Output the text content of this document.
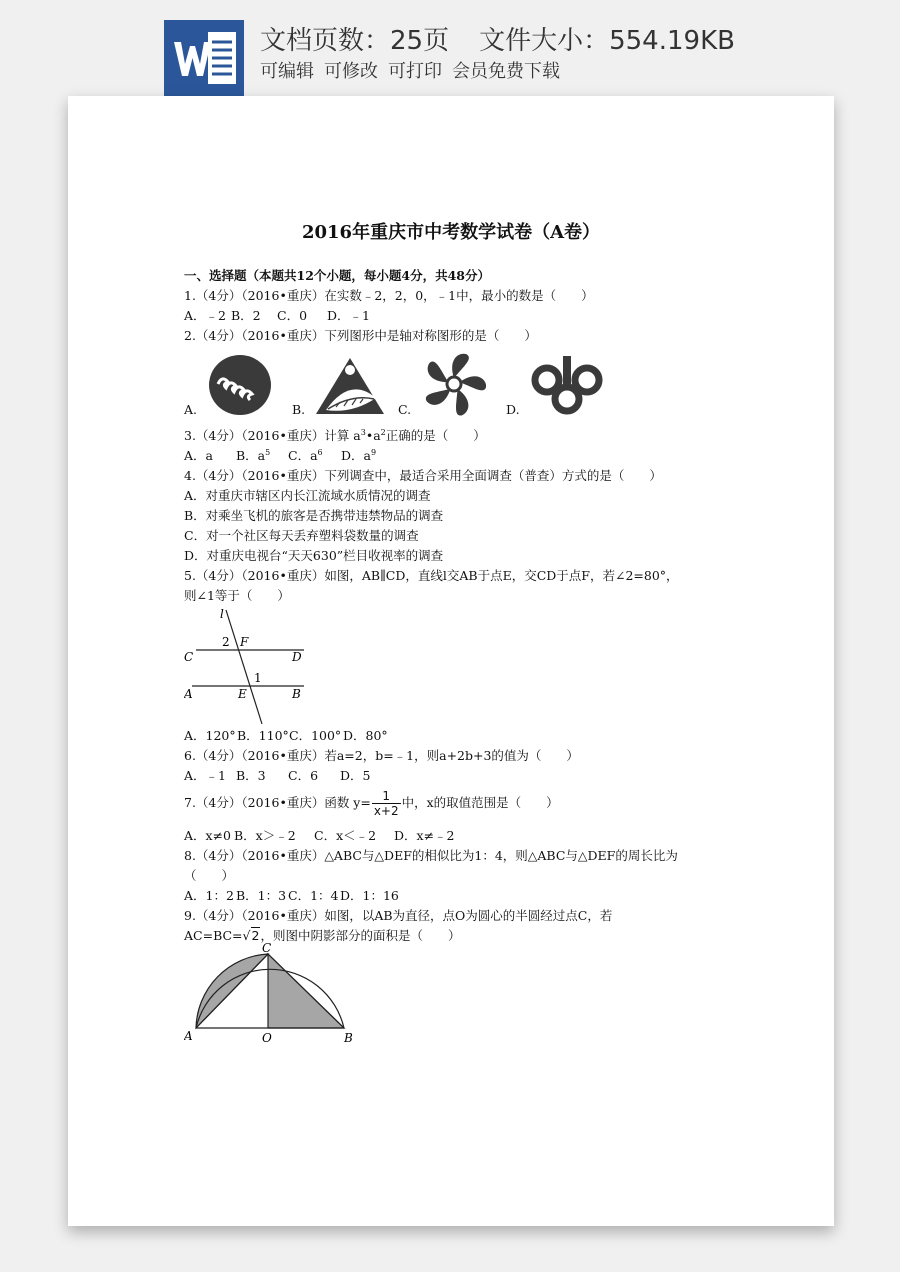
文档页数：25页 文件大小：554.19KB
可编辑 可修改 可打印 会员免费下载
2016年重庆市中考数学试卷（A卷）
一、选择题（本题共12个小题，每小题4分，共48分）
1.（4分）（2016•重庆）在实数﹣2，2，0，﹣1中，最小的数是（　　）
A．﹣2 B．2 C．0 D．﹣1
2.（4分）（2016•重庆）下列图形中是轴对称图形的是（　　）
A.	B.	C.	D.
3.（4分）（2016•重庆）计算 $a^3•a^2$正确的是（　　）
A．a B．$a^5$ C．$a^6$ D．$a^9$
4.（4分）（2016•重庆）下列调查中，最适合采用全面调查（普查）方式的是（　　）
A．对重庆市辖区内长江流域水质情况的调查
B．对乘坐飞机的旅客是否携带违禁物品的调查
C．对一个社区每天丢弃塑料袋数量的调查
D．对重庆电视台“天天630”栏目收视率的调查
5.（4分）（2016•重庆）如图，AB∥CD，直线l交AB于点E，交CD于点F，若∠2=80°，
则∠1等于（　　）
l
2 F
C	D
1
A	E	B
A．120°B．110°C．100° D．80°
6.（4分）（2016•重庆）若a=2，b=﹣1，则a+2b+3的值为（　　）
A．﹣1 B．3 C．6 D．5
7.（4分）（2016•重庆）函数 $y= \frac{1}{x+2}$ 中，x的取值范围是（　　）
A．x≠0 B．x＞﹣2 C．x＜﹣2 D．x≠﹣2
8.（4分）（2016•重庆）△ABC与△DEF的相似比为1：4，则△ABC与△DEF的周长比为
（　　）
A．1：2 B．1：3 C．1：4 D．1：16
9.（4分）（2016•重庆）如图，以AB为直径，点O为圆心的半圆经过点C，若
AC=BC=√2，则图中阴影部分的面积是（　　）
C
A	O	B
